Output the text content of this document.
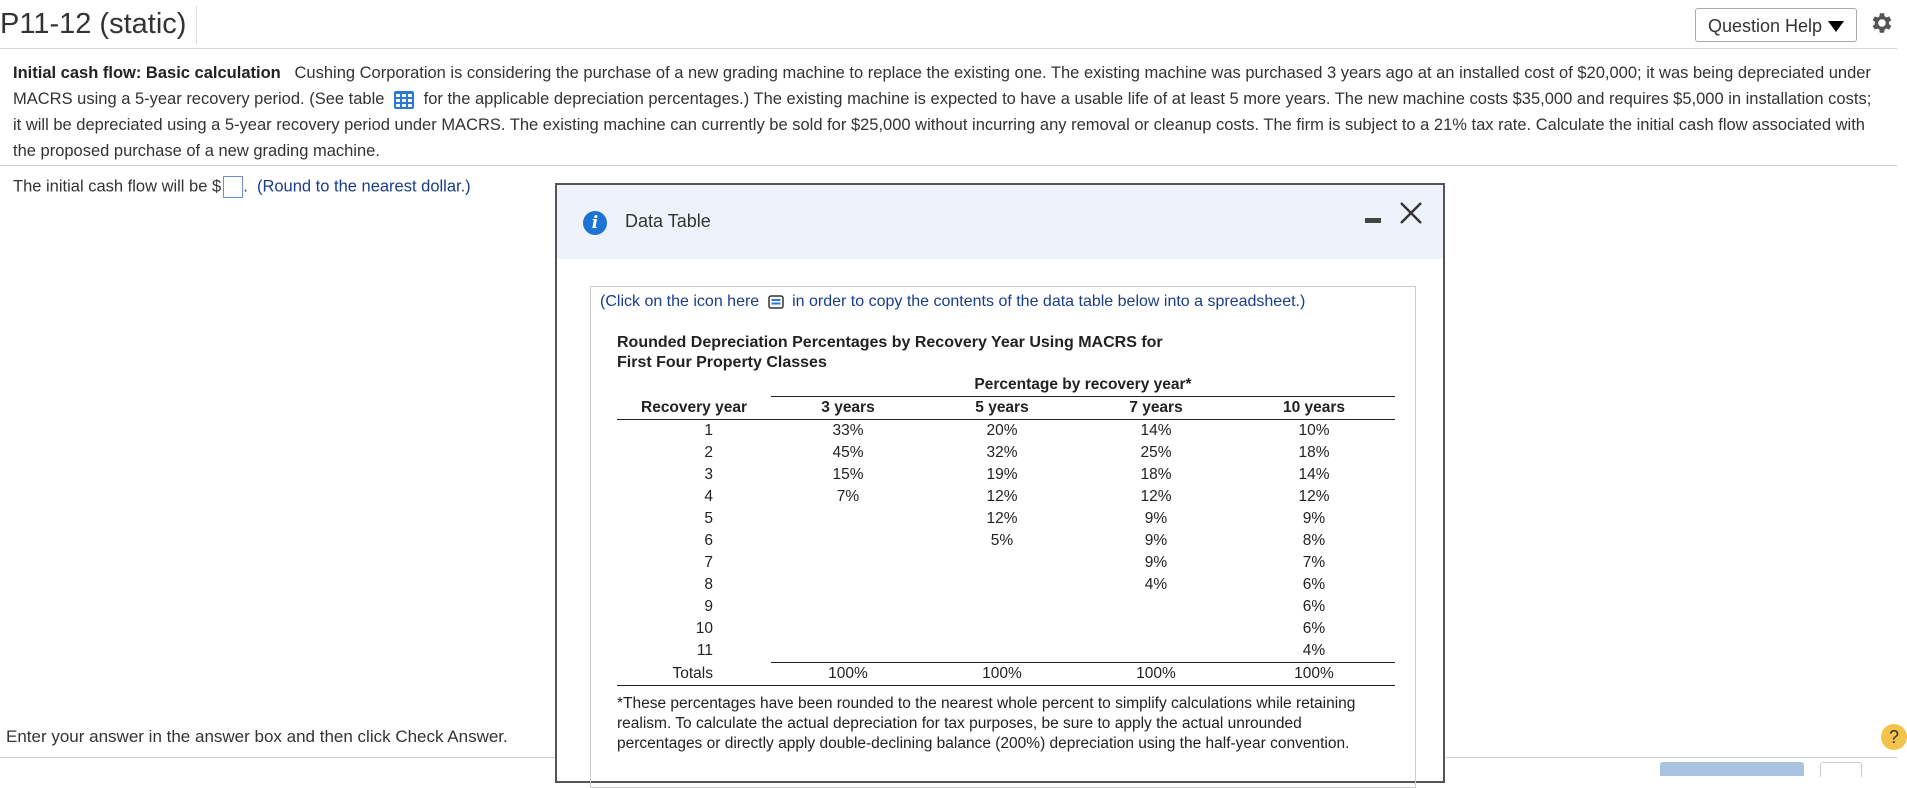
P11-12 (static)	Question Help
Initial cash flow: Basic calculation Cushing Corporation is considering the purchase of a new grading machine to replace the existing one. The existing machine was purchased 3 years ago at an installed cost of $20,000; it was being depreciated under MACRS using a 5-year recovery period. (See table for the applicable depreciation percentages.) The existing machine is expected to have a usable life of at least 5 more years. The new machine costs $35,000 and requires $5,000 in installation costs; it will be depreciated using a 5-year recovery period under MACRS. The existing machine can currently be sold for $25,000 without incurring any removal or cleanup costs. The firm is subject to a 21% tax rate. Calculate the initial cash flow associated with the proposed purchase of a new grading machine.
The initial cash flow will be $ . (Round to the nearest dollar.)
Enter your answer in the answer box and then click Check Answer.	?
i	Data Table
(Click on the icon here in order to copy the contents of the data table below into a spreadsheet.)
Rounded Depreciation Percentages by Recovery Year Using MACRS for First Four Property Classes
	Percentage by recovery year*			
Recovery year	3 years	5 years	7 years	10 years
1	33%	20%	14%	10%
2	45%	32%	25%	18%
3	15%	19%	18%	14%
4	7%	12%	12%	12%
5		12%	9%	9%
6		5%	9%	8%
7			9%	7%
8			4%	6%
9				6%
10				6%
11				4%
Totals	100%	100%	100%	100%
*These percentages have been rounded to the nearest whole percent to simplify calculations while retaining realism. To calculate the actual depreciation for tax purposes, be sure to apply the actual unrounded percentages or directly apply double-declining balance (200%) depreciation using the half-year convention.
